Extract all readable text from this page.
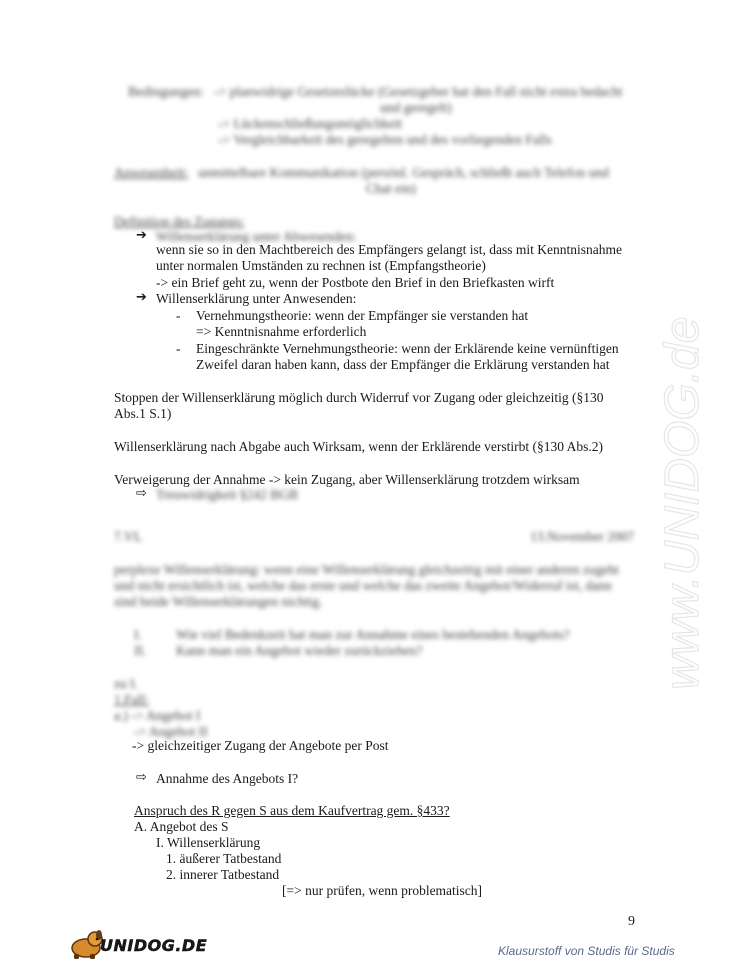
Bedingungen: -> planwidrige Gesetzeslücke (Gesetzgeber hat den Fall nicht extra bedacht
und geregelt)
-> Lückenschließungsmöglichkeit
-> Vergleichbarkeit des geregelten und des vorliegenden Falls
Anwesenheit: unmittelbare Kommunikation (persönl. Gespräch, schließt auch Telefon und
Chat ein)
Definition des Zugangs:
➔ Willenserklärung unter Abwesenden:
wenn sie so in den Machtbereich des Empfängers gelangt ist, dass mit Kenntnisnahme
unter normalen Umständen zu rechnen ist (Empfangstheorie)
-> ein Brief geht zu, wenn der Postbote den Brief in den Briefkasten wirft
➔ Willenserklärung unter Anwesenden:
- Vernehmungstheorie: wenn der Empfänger sie verstanden hat
=> Kenntnisnahme erforderlich
- Eingeschränkte Vernehmungstheorie: wenn der Erklärende keine vernünftigen
Zweifel daran haben kann, dass der Empfänger die Erklärung verstanden hat
Stoppen der Willenserklärung möglich durch Widerruf vor Zugang oder gleichzeitig (§130
Abs.1 S.1)
Willenserklärung nach Abgabe auch Wirksam, wenn der Erklärende verstirbt (§130 Abs.2)
Verweigerung der Annahme -> kein Zugang, aber Willenserklärung trotzdem wirksam
⇨ Treuwidrigkeit §242 BGB
7.VL	13.November 2007
perplexe Willenserklärung: wenn eine Willenserklärung gleichzeitig mit einer anderen zugeht
und nicht ersichtlich ist, welche das erste und welche das zweite Angebot/Widerruf ist, dann
sind beide Willenserklärungen nichtig.
I.	Wie viel Bedenkzeit hat man zur Annahme eines bestehenden Angebots?
II. Kann man ein Angebot wieder zurückziehen?
zu I.
1.Fall:
a.) -> Angebot I
-> Angebot II
-> gleichzeitiger Zugang der Angebote per Post
⇨ Annahme des Angebots I?
Anspruch des R gegen S aus dem Kaufvertrag gem. §433?
A. Angebot des S
I. Willenserklärung
1. äußerer Tatbestand
2. innerer Tatbestand
[=> nur prüfen, wenn problematisch]
9
www.UNIDOG.de
UNIDOG.DE	Klausurstoff von Studis für Studis
